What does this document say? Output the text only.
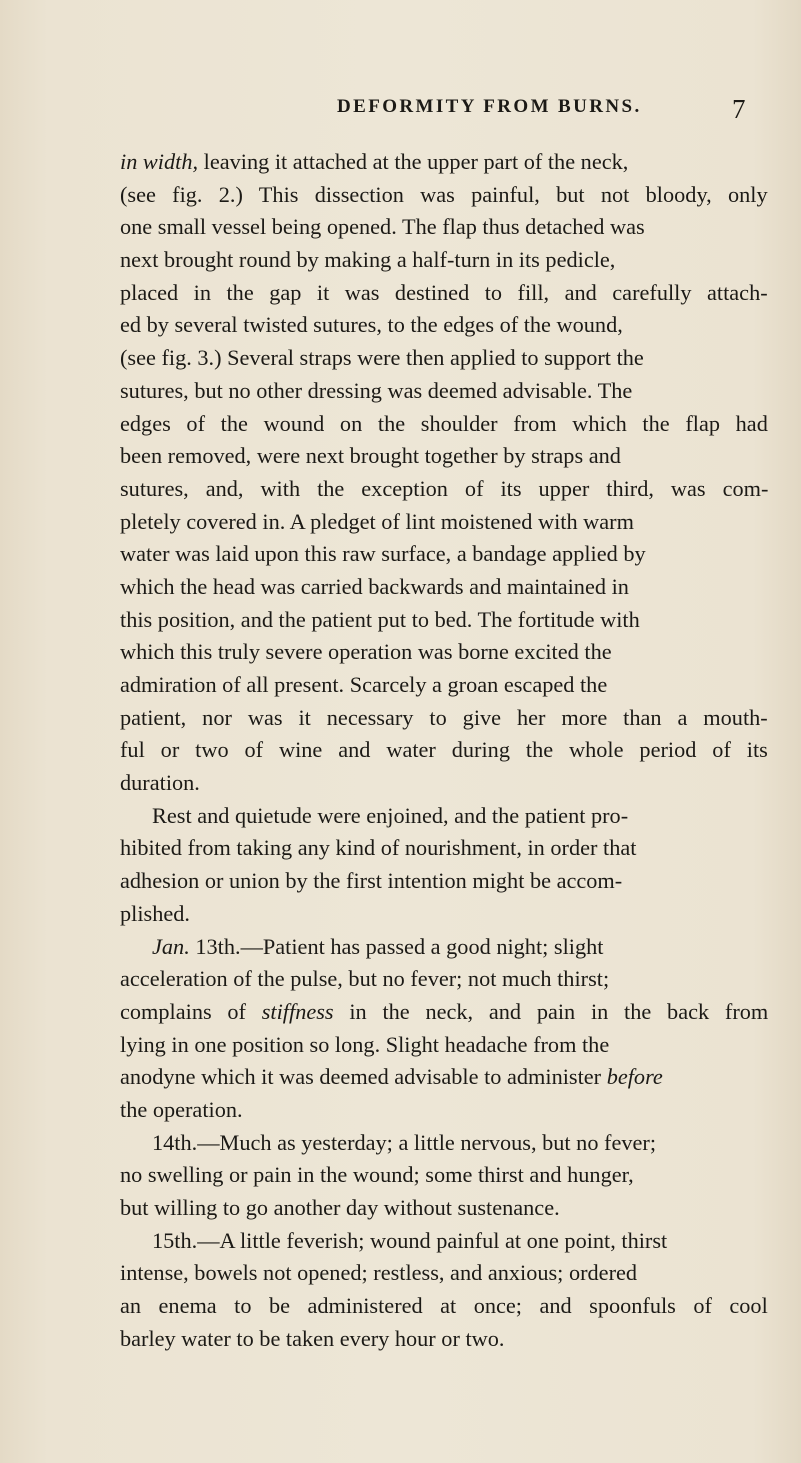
DEFORMITY FROM BURNS.	7
in width, leaving it attached at the upper part of the neck,
(see fig. 2.) This dissection was painful, but not bloody, only
one small vessel being opened. The flap thus detached was
next brought round by making a half-turn in its pedicle,
placed in the gap it was destined to fill, and carefully attach-
ed by several twisted sutures, to the edges of the wound,
(see fig. 3.) Several straps were then applied to support the
sutures, but no other dressing was deemed advisable. The
edges of the wound on the shoulder from which the flap had
been removed, were next brought together by straps and
sutures, and, with the exception of its upper third, was com-
pletely covered in. A pledget of lint moistened with warm
water was laid upon this raw surface, a bandage applied by
which the head was carried backwards and maintained in
this position, and the patient put to bed. The fortitude with
which this truly severe operation was borne excited the
admiration of all present. Scarcely a groan escaped the
patient, nor was it necessary to give her more than a mouth-
ful or two of wine and water during the whole period of its
duration.
Rest and quietude were enjoined, and the patient pro-
hibited from taking any kind of nourishment, in order that
adhesion or union by the first intention might be accom-
plished.
Jan. 13th.—Patient has passed a good night; slight
acceleration of the pulse, but no fever; not much thirst;
complains of stiffness in the neck, and pain in the back from
lying in one position so long. Slight headache from the
anodyne which it was deemed advisable to administer before
the operation.
14th.—Much as yesterday; a little nervous, but no fever;
no swelling or pain in the wound; some thirst and hunger,
but willing to go another day without sustenance.
15th.—A little feverish; wound painful at one point, thirst
intense, bowels not opened; restless, and anxious; ordered
an enema to be administered at once; and spoonfuls of cool
barley water to be taken every hour or two.
